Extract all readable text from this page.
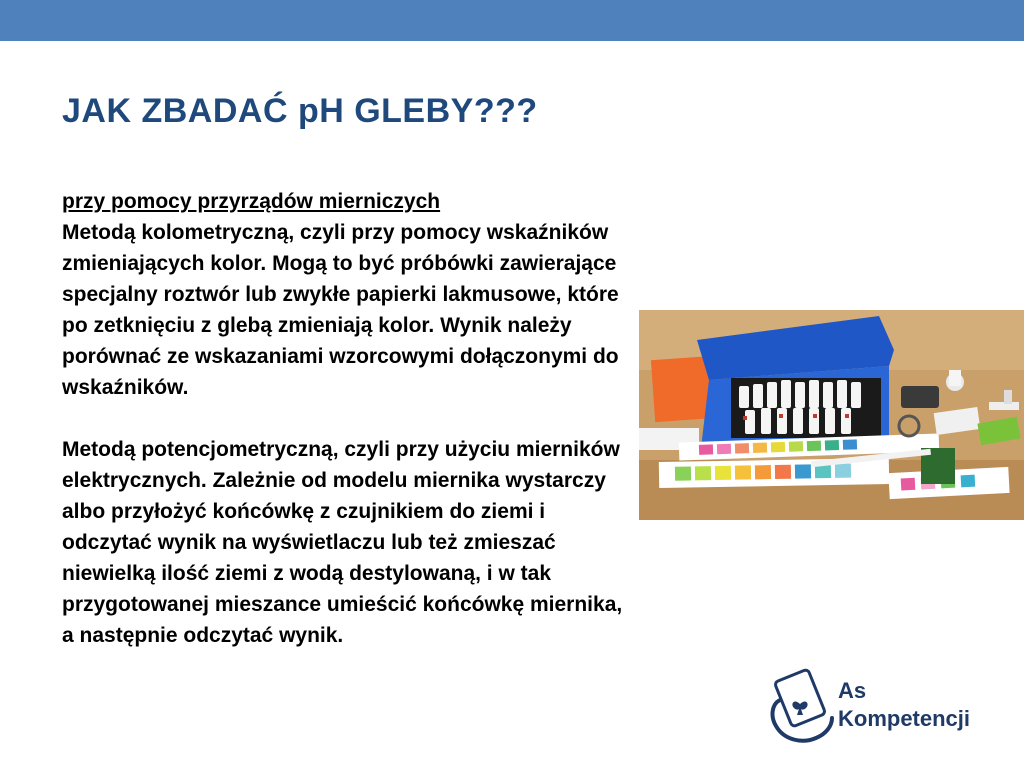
JAK ZBADAĆ pH GLEBY???

przy pomocy przyrządów mierniczych

Metodą kolometryczną, czyli przy pomocy wskaźników zmieniających kolor. Mogą to być próbówki zawierające specjalny roztwór lub zwykłe papierki lakmusowe, które po zetknięciu z glebą zmieniają kolor. Wynik należy porównać ze wskazaniami wzorcowymi dołączonymi do wskaźników.

Metodą potencjometryczną, czyli przy użyciu mierników elektrycznych. Zależnie od modelu miernika wystarczy albo przyłożyć końcówkę z czujnikiem do ziemi i odczytać wynik na wyświetlaczu lub też zmieszać niewielką ilość ziemi z wodą destylowaną, i w tak przygotowanej mieszance umieścić końcówkę miernika, a następnie odczytać wynik.

As
Kompetencji
